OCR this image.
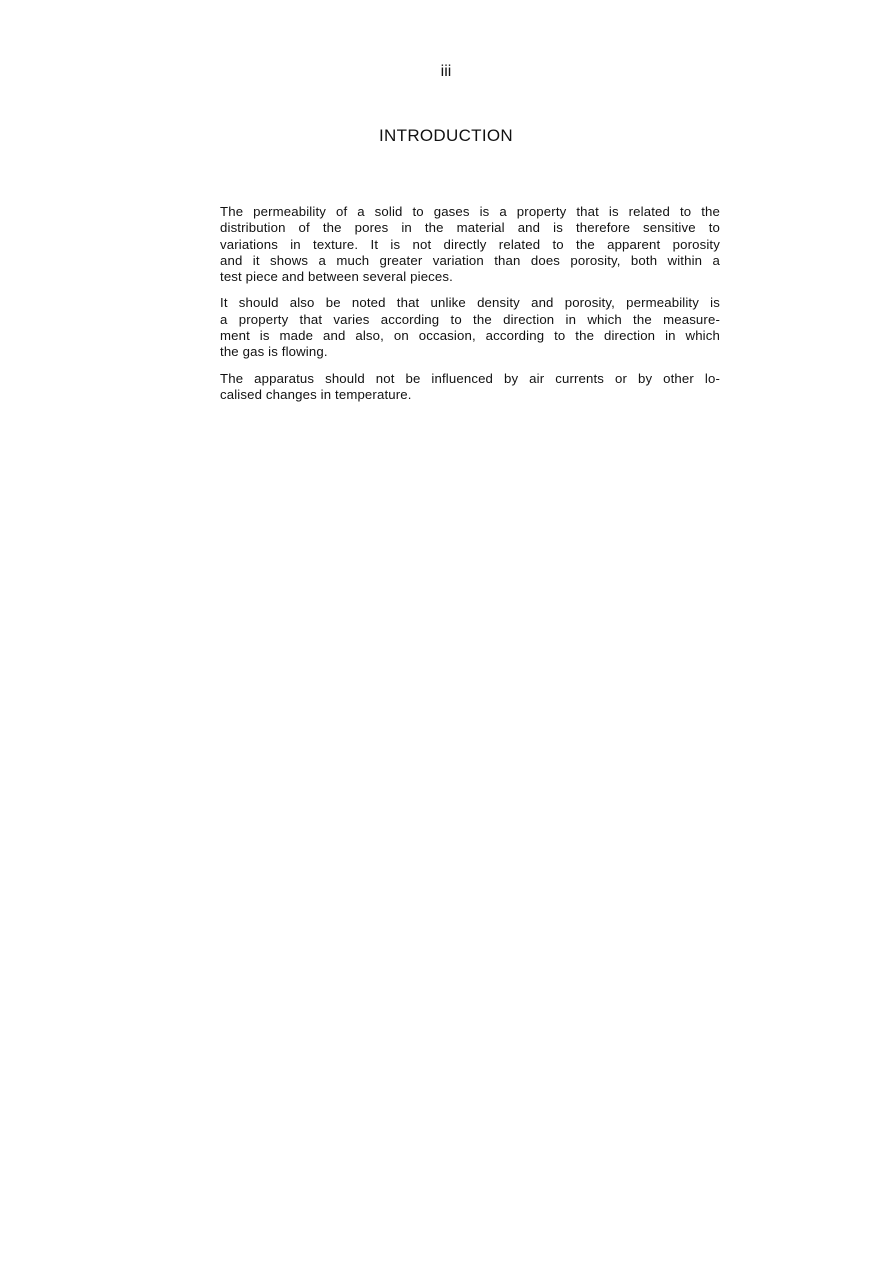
iii
INTRODUCTION

The permeability of a solid to gases is a property that is related to the
distribution of the pores in the material and is therefore sensitive to
variations in texture. It is not directly related to the apparent porosity
and it shows a much greater variation than does porosity, both within a
test piece and between several pieces.

It should also be noted that unlike density and porosity, permeability is
a property that varies according to the direction in which the measure-
ment is made and also, on occasion, according to the direction in which
the gas is flowing.

The apparatus should not be influenced by air currents or by other lo-
calised changes in temperature.
